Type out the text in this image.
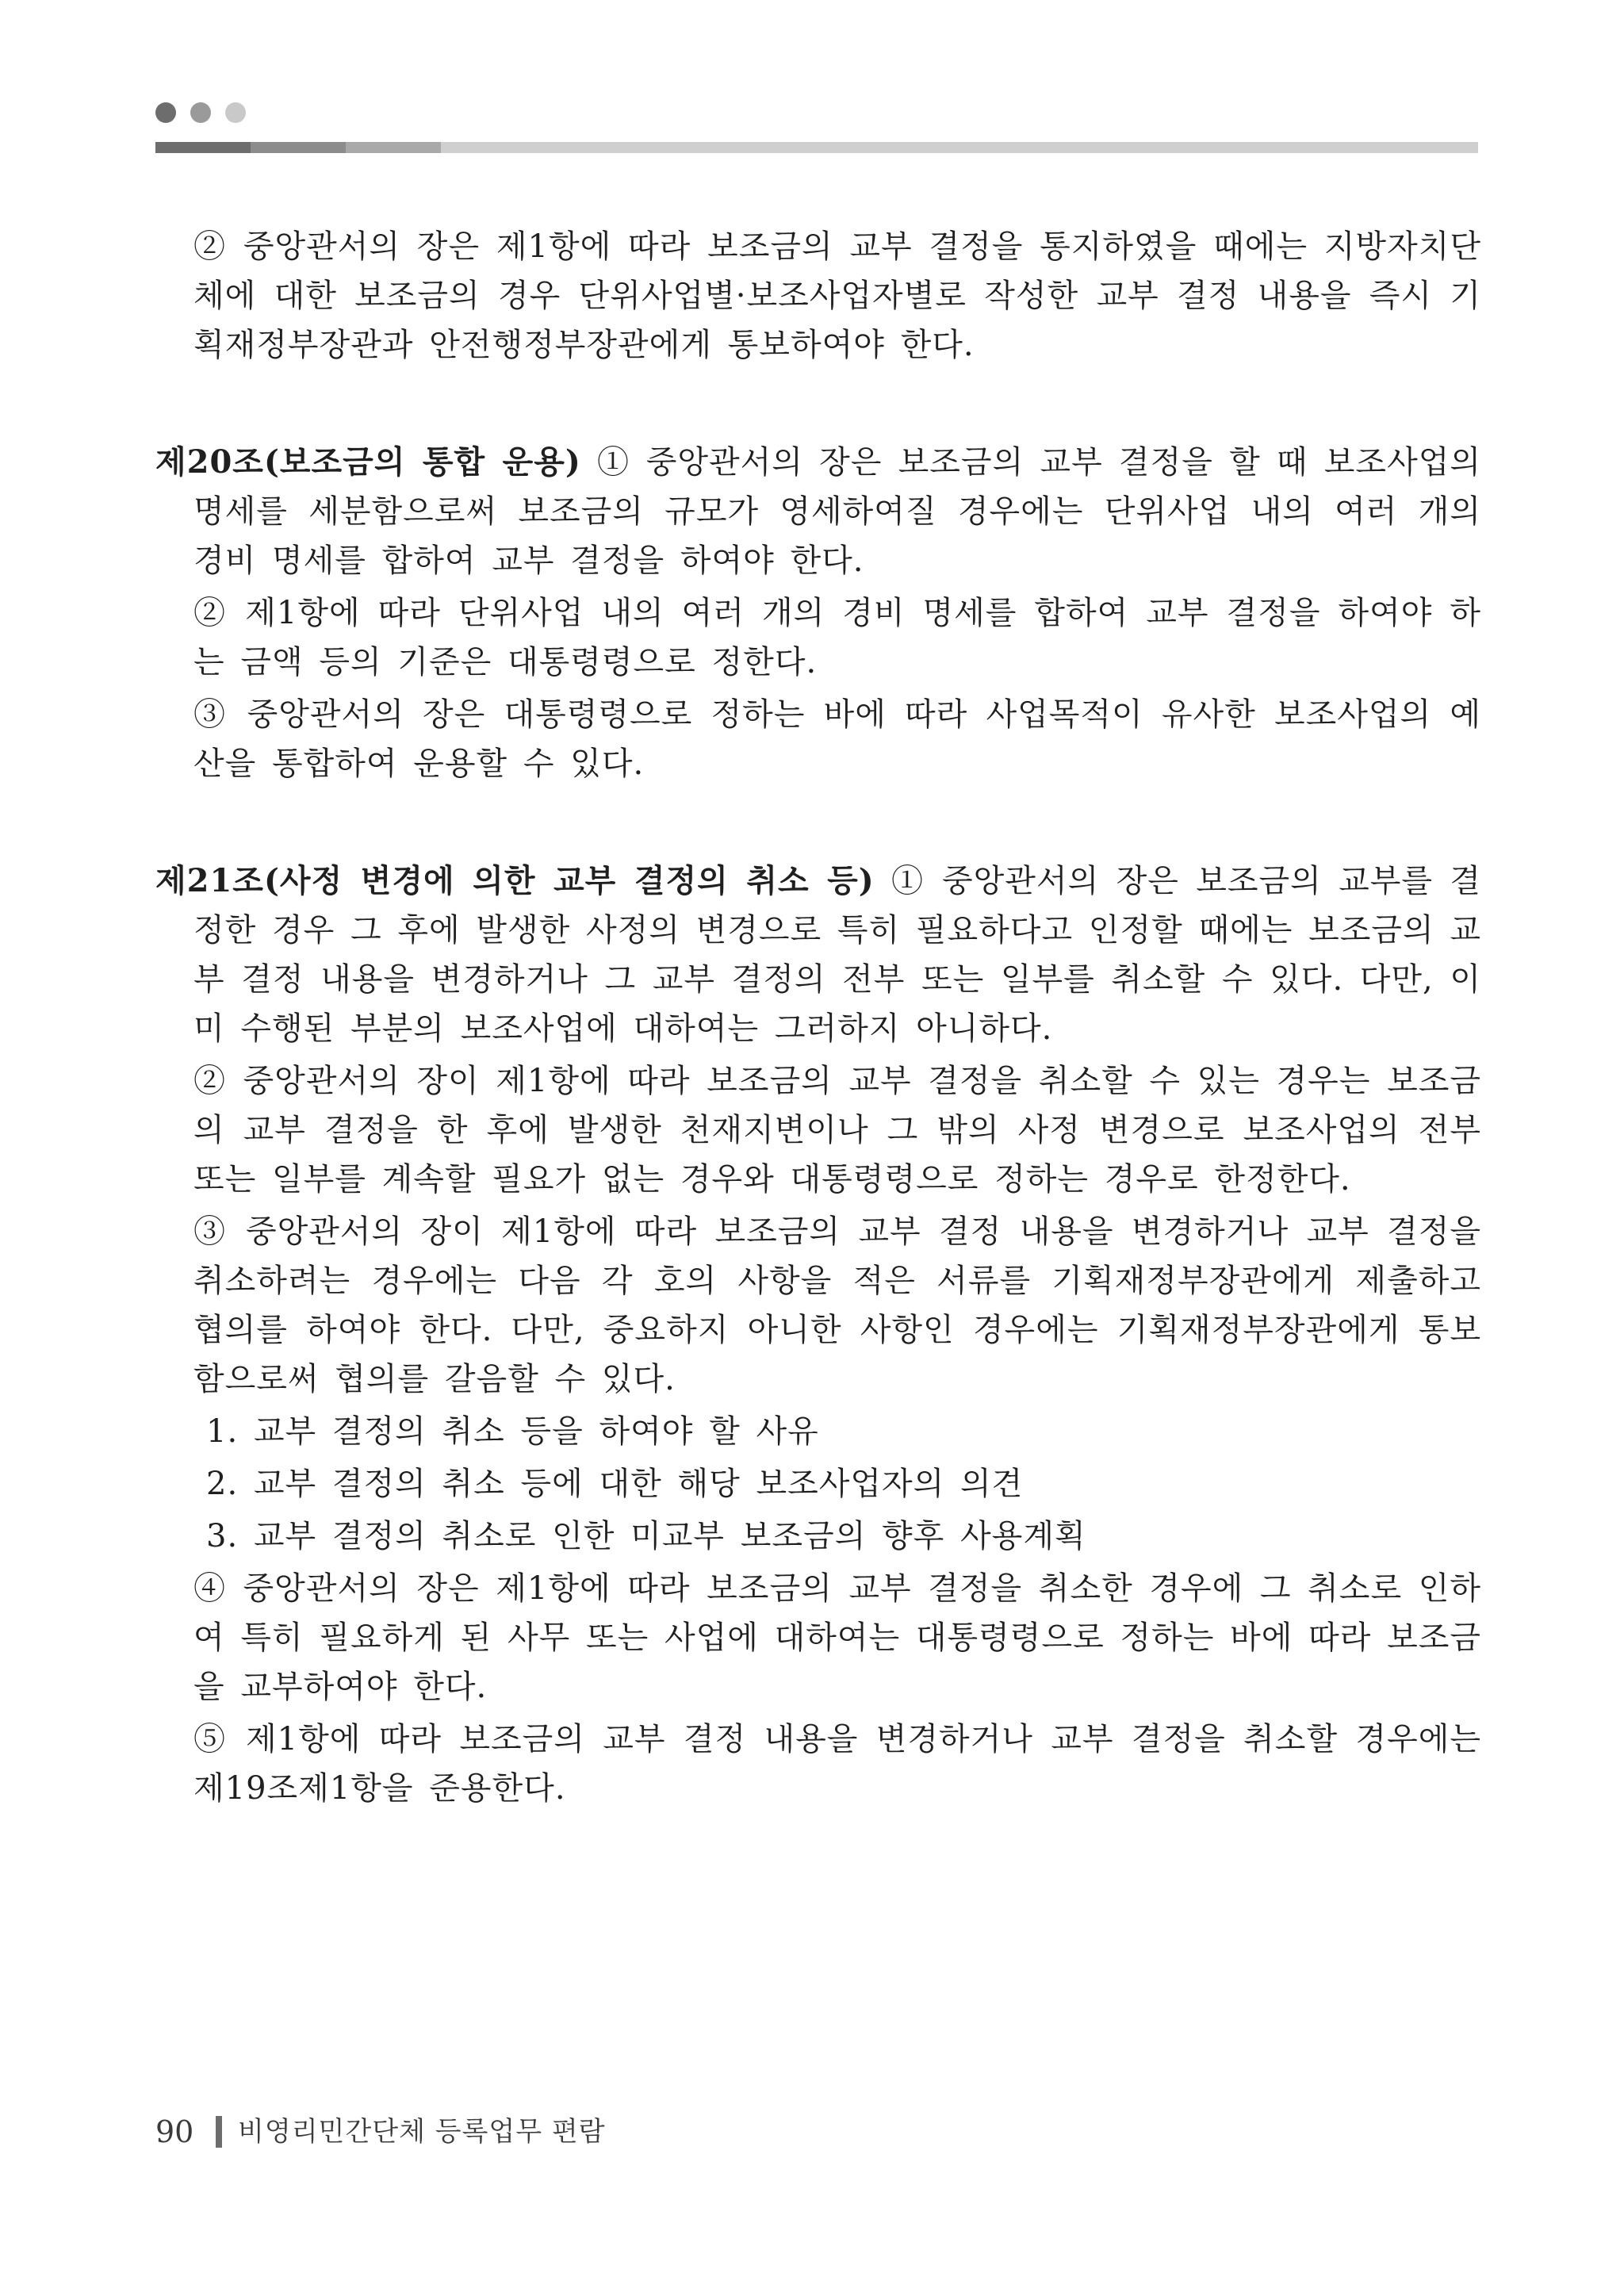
② 중앙관서의 장은 제1항에 따라 보조금의 교부 결정을 통지하였을 때에는 지방자치단체에 대한 보조금의 경우 단위사업별·보조사업자별로 작성한 교부 결정 내용을 즉시 기획재정부장관과 안전행정부장관에게 통보하여야 한다.

제20조(보조금의 통합 운용) ① 중앙관서의 장은 보조금의 교부 결정을 할 때 보조사업의 명세를 세분함으로써 보조금의 규모가 영세하여질 경우에는 단위사업 내의 여러 개의 경비 명세를 합하여 교부 결정을 하여야 한다.

② 제1항에 따라 단위사업 내의 여러 개의 경비 명세를 합하여 교부 결정을 하여야 하는 금액 등의 기준은 대통령령으로 정한다.

③ 중앙관서의 장은 대통령령으로 정하는 바에 따라 사업목적이 유사한 보조사업의 예산을 통합하여 운용할 수 있다.

제21조(사정 변경에 의한 교부 결정의 취소 등) ① 중앙관서의 장은 보조금의 교부를 결정한 경우 그 후에 발생한 사정의 변경으로 특히 필요하다고 인정할 때에는 보조금의 교부 결정 내용을 변경하거나 그 교부 결정의 전부 또는 일부를 취소할 수 있다. 다만, 이미 수행된 부분의 보조사업에 대하여는 그러하지 아니하다.

② 중앙관서의 장이 제1항에 따라 보조금의 교부 결정을 취소할 수 있는 경우는 보조금의 교부 결정을 한 후에 발생한 천재지변이나 그 밖의 사정 변경으로 보조사업의 전부 또는 일부를 계속할 필요가 없는 경우와 대통령령으로 정하는 경우로 한정한다.

③ 중앙관서의 장이 제1항에 따라 보조금의 교부 결정 내용을 변경하거나 교부 결정을 취소하려는 경우에는 다음 각 호의 사항을 적은 서류를 기획재정부장관에게 제출하고 협의를 하여야 한다. 다만, 중요하지 아니한 사항인 경우에는 기획재정부장관에게 통보함으로써 협의를 갈음할 수 있다.

1. 교부 결정의 취소 등을 하여야 할 사유

2. 교부 결정의 취소 등에 대한 해당 보조사업자의 의견

3. 교부 결정의 취소로 인한 미교부 보조금의 향후 사용계획

④ 중앙관서의 장은 제1항에 따라 보조금의 교부 결정을 취소한 경우에 그 취소로 인하여 특히 필요하게 된 사무 또는 사업에 대하여는 대통령령으로 정하는 바에 따라 보조금을 교부하여야 한다.

⑤ 제1항에 따라 보조금의 교부 결정 내용을 변경하거나 교부 결정을 취소할 경우에는 제19조제1항을 준용한다.

90 비영리민간단체 등록업무 편람
